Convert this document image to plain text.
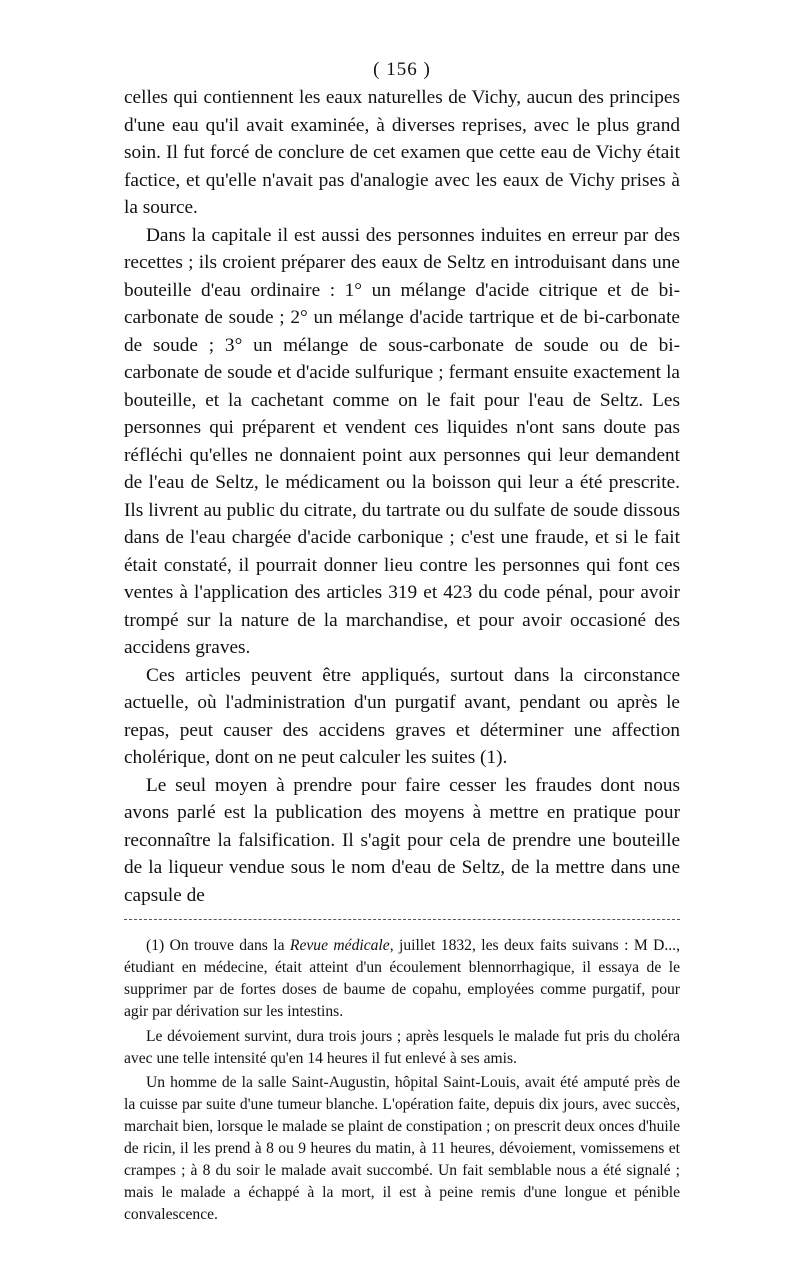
( 156 )

celles qui contiennent les eaux naturelles de Vichy, aucun des principes d'une eau qu'il avait examinée, à diverses reprises, avec le plus grand soin. Il fut forcé de conclure de cet examen que cette eau de Vichy était factice, et qu'elle n'avait pas d'analogie avec les eaux de Vichy prises à la source.

Dans la capitale il est aussi des personnes induites en erreur par des recettes ; ils croient préparer des eaux de Seltz en introduisant dans une bouteille d'eau ordinaire : 1° un mélange d'acide citrique et de bi-carbonate de soude ; 2° un mélange d'acide tartrique et de bi-carbonate de soude ; 3° un mélange de sous-carbonate de soude ou de bi-carbonate de soude et d'acide sulfurique ; fermant ensuite exactement la bouteille, et la cachetant comme on le fait pour l'eau de Seltz. Les personnes qui préparent et vendent ces liquides n'ont sans doute pas réfléchi qu'elles ne donnaient point aux personnes qui leur demandent de l'eau de Seltz, le médicament ou la boisson qui leur a été prescrite. Ils livrent au public du citrate, du tartrate ou du sulfate de soude dissous dans de l'eau chargée d'acide carbonique ; c'est une fraude, et si le fait était constaté, il pourrait donner lieu contre les personnes qui font ces ventes à l'application des articles 319 et 423 du code pénal, pour avoir trompé sur la nature de la marchandise, et pour avoir occasioné des accidens graves.

Ces articles peuvent être appliqués, surtout dans la circonstance actuelle, où l'administration d'un purgatif avant, pendant ou après le repas, peut causer des accidens graves et déterminer une affection cholérique, dont on ne peut calculer les suites (1).

Le seul moyen à prendre pour faire cesser les fraudes dont nous avons parlé est la publication des moyens à mettre en pratique pour reconnaître la falsification. Il s'agit pour cela de prendre une bouteille de la liqueur vendue sous le nom d'eau de Seltz, de la mettre dans une capsule de

(1) On trouve dans la Revue médicale, juillet 1832, les deux faits suivans : M D..., étudiant en médecine, était atteint d'un écoulement blennorrhagique, il essaya de le supprimer par de fortes doses de baume de copahu, employées comme purgatif, pour agir par dérivation sur les intestins.

Le dévoiement survint, dura trois jours ; après lesquels le malade fut pris du choléra avec une telle intensité qu'en 14 heures il fut enlevé à ses amis.

Un homme de la salle Saint-Augustin, hôpital Saint-Louis, avait été amputé près de la cuisse par suite d'une tumeur blanche. L'opération faite, depuis dix jours, avec succès, marchait bien, lorsque le malade se plaint de constipation ; on prescrit deux onces d'huile de ricin, il les prend à 8 ou 9 heures du matin, à 11 heures, dévoiement, vomissemens et crampes ; à 8 du soir le malade avait succombé. Un fait semblable nous a été signalé ; mais le malade a échappé à la mort, il est à peine remis d'une longue et pénible convalescence.
